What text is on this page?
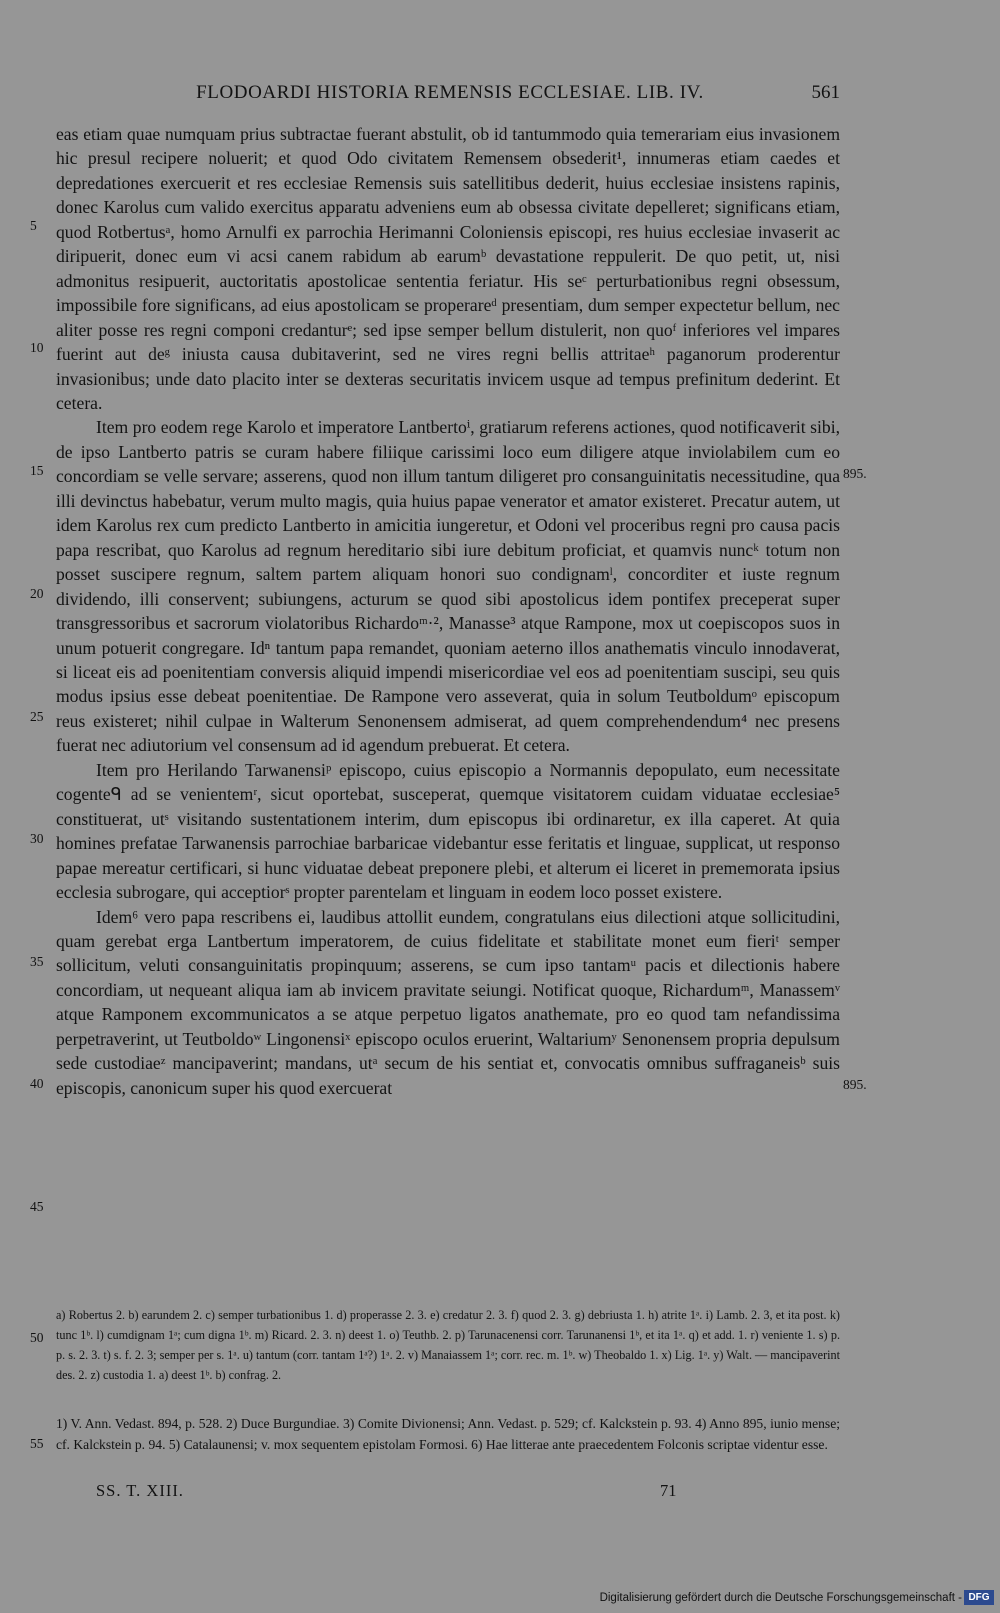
FLODOARDI HISTORIA REMENSIS ECCLESIAE. LIB. IV.	561
5
10
15
20
25
30
35
40
45
50
55
895.
895.

eas etiam quae numquam prius subtractae fuerant abstulit, ob id tantummodo quia temerariam eius invasionem hic presul recipere noluerit; et quod Odo civitatem Remensem obsederit¹, innumeras etiam caedes et depredationes exercuerit et res ecclesiae Remensis suis satellitibus dederit, huius ecclesiae insistens rapinis, donec Karolus cum valido exercitus apparatu adveniens eum ab obsessa civitate depelleret; significans etiam, quod Rotbertusᵃ, homo Arnulfi ex parrochia Herimanni Coloniensis episcopi, res huius ecclesiae invaserit ac diripuerit, donec eum vi acsi canem rabidum ab earumᵇ devastatione reppulerit. De quo petit, ut, nisi admonitus resipuerit, auctoritatis apostolicae sententia feriatur. His seᶜ perturbationibus regni obsessum, impossibile fore significans, ad eius apostolicam se properareᵈ presentiam, dum semper expectetur bellum, nec aliter posse res regni componi credanturᵉ; sed ipse semper bellum distulerit, non quoᶠ inferiores vel impares fuerint aut deᵍ iniusta causa dubitaverint, sed ne vires regni bellis attritaeʰ paganorum proderentur invasionibus; unde dato placito inter se dexteras securitatis invicem usque ad tempus prefinitum dederint. Et cetera.

Item pro eodem rege Karolo et imperatore Lantbertoⁱ, gratiarum referens actiones, quod notificaverit sibi, de ipso Lantberto patris se curam habere filiique carissimi loco eum diligere atque inviolabilem cum eo concordiam se velle servare; asserens, quod non illum tantum diligeret pro consanguinitatis necessitudine, qua illi devinctus habebatur, verum multo magis, quia huius papae venerator et amator existeret. Precatur autem, ut idem Karolus rex cum predicto Lantberto in amicitia iungeretur, et Odoni vel proceribus regni pro causa pacis papa rescribat, quo Karolus ad regnum hereditario sibi iure debitum proficiat, et quamvis nuncᵏ totum non posset suscipere regnum, saltem partem aliquam honori suo condignamˡ, concorditer et iuste regnum dividendo, illi conservent; subiungens, acturum se quod sibi apostolicus idem pontifex preceperat super transgressoribus et sacrorum violatoribus Richardoᵐ·², Manasse³ atque Rampone, mox ut coepiscopos suos in unum potuerit congregare. Idⁿ tantum papa remandet, quoniam aeterno illos anathematis vinculo innodaverat, si liceat eis ad poenitentiam conversis aliquid impendi misericordiae vel eos ad poenitentiam suscipi, seu quis modus ipsius esse debeat poenitentiae. De Rampone vero asseverat, quia in solum Teutboldumᵒ episcopum reus existeret; nihil culpae in Walterum Senonensem admiserat, ad quem comprehendendum⁴ nec presens fuerat nec adiutorium vel consensum ad id agendum prebuerat. Et cetera.

Item pro Herilando Tarwanensiᵖ episcopo, cuius episcopio a Normannis depopulato, eum necessitate cogenteᑫ ad se venientemʳ, sicut oportebat, susceperat, quemque visitatorem cuidam viduatae ecclesiae⁵ constituerat, utˢ visitando sustentationem interim, dum episcopus ibi ordinaretur, ex illa caperet. At quia homines prefatae Tarwanensis parrochiae barbaricae videbantur esse feritatis et linguae, supplicat, ut responso papae mereatur certificari, si hunc viduatae debeat preponere plebi, et alterum ei liceret in prememorata ipsius ecclesia subrogare, qui acceptiorˢ propter parentelam et linguam in eodem loco posset existere.

Idem⁶ vero papa rescribens ei, laudibus attollit eundem, congratulans eius dilectioni atque sollicitudini, quam gerebat erga Lantbertum imperatorem, de cuius fidelitate et stabilitate monet eum fieriᵗ semper sollicitum, veluti consanguinitatis propinquum; asserens, se cum ipso tantamᵘ pacis et dilectionis habere concordiam, ut nequeant aliqua iam ab invicem pravitate seiungi. Notificat quoque, Richardumᵐ, Manassemᵛ atque Ramponem excommunicatos a se atque perpetuo ligatos anathemate, pro eo quod tam nefandissima perpetraverint, ut Teutboldoʷ Lingonensiˣ episcopo oculos eruerint, Waltariumʸ Senonensem propria depulsum sede custodiaeᶻ mancipaverint; mandans, utᵃ secum de his sentiat et, convocatis omnibus suffraganeisᵇ suis episcopis, canonicum super his quod exercuerat

a) Robertus 2. b) earundem 2. c) semper turbationibus 1. d) properasse 2. 3. e) credatur 2. 3. f) quod 2. 3. g) debriusta 1. h) atrite 1ᵃ. i) Lamb. 2. 3, et ita post. k) tunc 1ᵇ. l) cumdignam 1ᵃ; cum digna 1ᵇ. m) Ricard. 2. 3. n) deest 1. o) Teuthb. 2. p) Tarunacenensi corr. Tarunanensi 1ᵇ, et ita 1ᵃ. q) et add. 1. r) veniente 1. s) p. p. s. 2. 3. t) s. f. 2. 3; semper per s. 1ᵃ. u) tantum (corr. tantam 1ᵃ?) 1ᵃ. 2. v) Manaiassem 1ᵃ; corr. rec. m. 1ᵇ. w) Theobaldo 1. x) Lig. 1ᵃ. y) Walt. — mancipaverint des. 2. z) custodia 1. a) deest 1ᵇ. b) confrag. 2.
1) V. Ann. Vedast. 894, p. 528. 2) Duce Burgundiae. 3) Comite Divionensi; Ann. Vedast. p. 529; cf. Kalckstein p. 93. 4) Anno 895, iunio mense; cf. Kalckstein p. 94. 5) Catalaunensi; v. mox sequentem epistolam Formosi. 6) Hae litterae ante praecedentem Folconis scriptae videntur esse.
SS. T. XIII.	71
Digitalisierung gefördert durch die Deutsche Forschungsgemeinschaft - DFG
